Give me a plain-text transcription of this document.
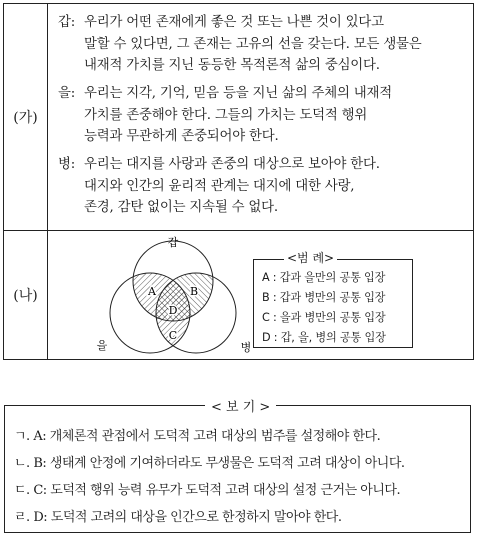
(가)
갑: 우리가 어떤 존재에게 좋은 것 또는 나쁜 것이 있다고
말할 수 있다면, 그 존재는 고유의 선을 갖는다. 모든 생물은
내재적 가치를 지닌 동등한 목적론적 삶의 중심이다.
을: 우리는 지각, 기억, 믿음 등을 지닌 삶의 주체의 내재적
가치를 존중해야 한다. 그들의 가치는 도덕적 행위
능력과 무관하게 존중되어야 한다.
병: 우리는 대지를 사랑과 존중의 대상으로 보아야 한다.
대지와 인간의 윤리적 관계는 대지에 대한 사랑,
존경, 감탄 없이는 지속될 수 없다.
(나)
갑
을	병
A	B
C
D
<범 례>
A : 갑과 을만의 공통 입장
B : 갑과 병만의 공통 입장
C : 을과 병만의 공통 입장
D : 갑, 을, 병의 공통 입장
< 보 기 >
ㄱ. A: 개체론적 관점에서 도덕적 고려 대상의 범주를 설정해야 한다.
ㄴ. B: 생태계 안정에 기여하더라도 무생물은 도덕적 고려 대상이 아니다.
ㄷ. C: 도덕적 행위 능력 유무가 도덕적 고려 대상의 설정 근거는 아니다.
ㄹ. D: 도덕적 고려의 대상을 인간으로 한정하지 말아야 한다.
